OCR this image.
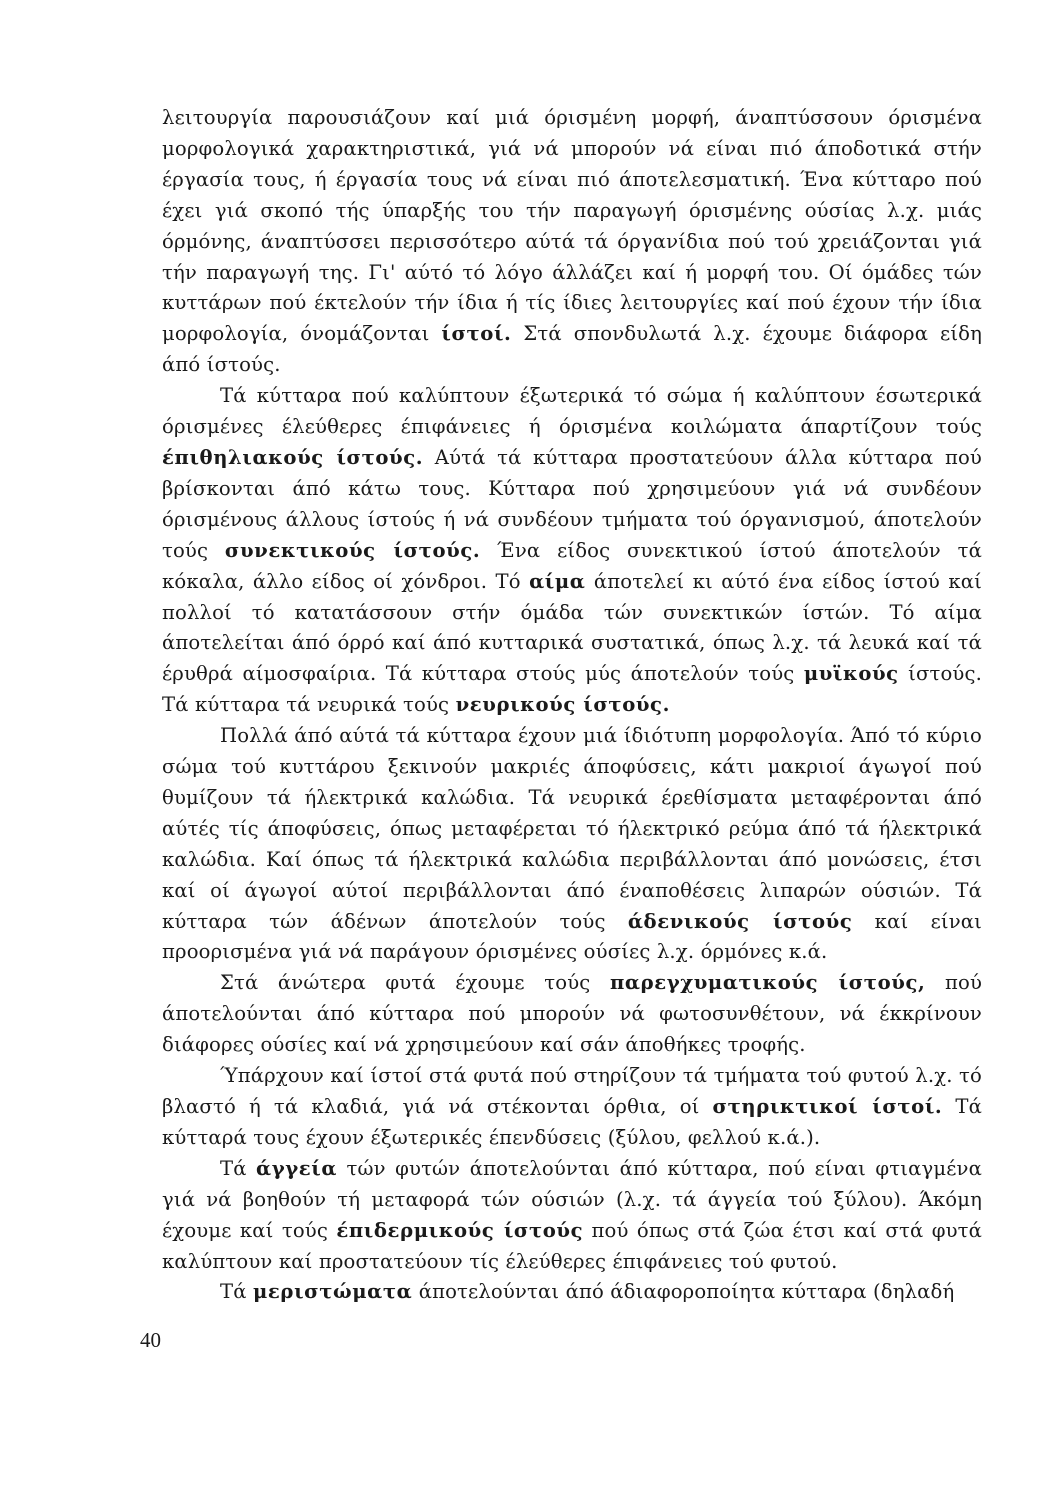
λειτουργία παρουσιάζουν καί μιά όρισμένη μορφή, άναπτύσσουν όρισμένα μορφολογικά χαρακτηριστικά, γιά νά μπορούν νά είναι πιό άποδοτικά στήν έργασία τους, ή έργασία τους νά είναι πιό άποτελεσματική. Ένα κύτταρο πού έχει γιά σκοπό τής ύπαρξής του τήν παραγωγή όρισμένης ούσίας λ.χ. μιάς όρμόνης, άναπτύσσει περισσότερο αύτά τά όργανίδια πού τού χρειάζονται γιά τήν παραγωγή της. Γι' αύτό τό λόγο άλλάζει καί ή μορφή του. Οί όμάδες τών κυττάρων πού έκτελούν τήν ίδια ή τίς ίδιες λειτουργίες καί πού έχουν τήν ίδια μορφολογία, όνομάζονται ίστοί. Στά σπονδυλωτά λ.χ. έχουμε διάφορα είδη άπό ίστούς.

Τά κύτταρα πού καλύπτουν έξωτερικά τό σώμα ή καλύπτουν έσωτερικά όρισμένες έλεύθερες έπιφάνειες ή όρισμένα κοιλώματα άπαρτίζουν τούς έπιθηλιακούς ίστούς. Αύτά τά κύτταρα προστατεύουν άλλα κύτταρα πού βρίσκονται άπό κάτω τους. Κύτταρα πού χρησιμεύουν γιά νά συνδέουν όρισμένους άλλους ίστούς ή νά συνδέουν τμήματα τού όργανισμού, άποτελούν τούς συνεκτικούς ίστούς. Ένα είδος συνεκτικού ίστού άποτελούν τά κόκαλα, άλλο είδος οί χόνδροι. Τό αίμα άποτελεί κι αύτό ένα είδος ίστού καί πολλοί τό κατατάσσουν στήν όμάδα τών συνεκτικών ίστών. Τό αίμα άποτελείται άπό όρρό καί άπό κυτταρικά συστατικά, όπως λ.χ. τά λευκά καί τά έρυθρά αίμοσφαίρια. Τά κύτταρα στούς μύς άποτελούν τούς μυϊκούς ίστούς. Τά κύτταρα τά νευρικά τούς νευρικούς ίστούς.

Πολλά άπό αύτά τά κύτταρα έχουν μιά ίδιότυπη μορφολογία. Άπό τό κύριο σώμα τού κυττάρου ξεκινούν μακριές άποφύσεις, κάτι μακριοί άγωγοί πού θυμίζουν τά ήλεκτρικά καλώδια. Τά νευρικά έρεθίσματα μεταφέρονται άπό αύτές τίς άποφύσεις, όπως μεταφέρεται τό ήλεκτρικό ρεύμα άπό τά ήλεκτρικά καλώδια. Καί όπως τά ήλεκτρικά καλώδια περιβάλλονται άπό μονώσεις, έτσι καί οί άγωγοί αύτοί περιβάλλονται άπό έναποθέσεις λιπαρών ούσιών. Τά κύτταρα τών άδένων άποτελούν τούς άδενικούς ίστούς καί είναι προορισμένα γιά νά παράγουν όρισμένες ούσίες λ.χ. όρμόνες κ.ά.

Στά άνώτερα φυτά έχουμε τούς παρεγχυματικούς ίστούς, πού άποτελούνται άπό κύτταρα πού μπορούν νά φωτοσυνθέτουν, νά έκκρίνουν διάφορες ούσίες καί νά χρησιμεύουν καί σάν άποθήκες τροφής.

Ύπάρχουν καί ίστοί στά φυτά πού στηρίζουν τά τμήματα τού φυτού λ.χ. τό βλαστό ή τά κλαδιά, γιά νά στέκονται όρθια, οί στηρικτικοί ίστοί. Τά κύτταρά τους έχουν έξωτερικές έπενδύσεις (ξύλου, φελλού κ.ά.).

Τά άγγεία τών φυτών άποτελούνται άπό κύτταρα, πού είναι φτιαγμένα γιά νά βοηθούν τή μεταφορά τών ούσιών (λ.χ. τά άγγεία τού ξύλου). Άκόμη έχουμε καί τούς έπιδερμικούς ίστούς πού όπως στά ζώα έτσι καί στά φυτά καλύπτουν καί προστατεύουν τίς έλεύθερες έπιφάνειες τού φυτού.

Τά μεριστώματα άποτελούνται άπό άδιαφοροποίητα κύτταρα (δηλαδή

40
